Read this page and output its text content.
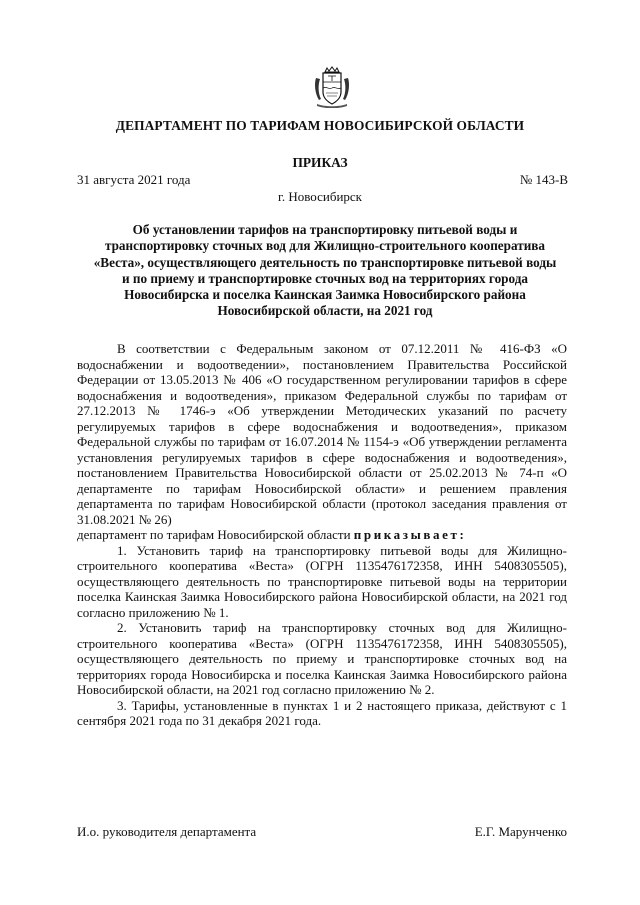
ДЕПАРТАМЕНТ ПО ТАРИФАМ НОВОСИБИРСКОЙ ОБЛАСТИ
ПРИКАЗ
31 августа 2021 года	№ 143-В
г. Новосибирск
Об установлении тарифов на транспортировку питьевой воды и транспортировку сточных вод для Жилищно-строительного кооператива «Веста», осуществляющего деятельность по транспортировке питьевой воды и по приему и транспортировке сточных вод на территориях города Новосибирска и поселка Каинская Заимка Новосибирского района Новосибирской области, на 2021 год

В соответствии с Федеральным законом от 07.12.2011 № 416-ФЗ «О водоснабжении и водоотведении», постановлением Правительства Российской Федерации от 13.05.2013 № 406 «О государственном регулировании тарифов в сфере водоснабжения и водоотведения», приказом Федеральной службы по тарифам от 27.12.2013 № 1746-э «Об утверждении Методических указаний по расчету регулируемых тарифов в сфере водоснабжения и водоотведения», приказом Федеральной службы по тарифам от 16.07.2014 № 1154-э «Об утверждении регламента установления регулируемых тарифов в сфере водоснабжения и водоотведения», постановлением Правительства Новосибирской области от 25.02.2013 № 74-п «О департаменте по тарифам Новосибирской области» и решением правления департамента по тарифам Новосибирской области (протокол заседания правления от 31.08.2021 № 26)

департамент по тарифам Новосибирской области приказывает:

1. Установить тариф на транспортировку питьевой воды для Жилищно-строительного кооператива «Веста» (ОГРН 1135476172358, ИНН 5408305505), осуществляющего деятельность по транспортировке питьевой воды на территории поселка Каинская Заимка Новосибирского района Новосибирской области, на 2021 год согласно приложению № 1.

2. Установить тариф на транспортировку сточных вод для Жилищно-строительного кооператива «Веста» (ОГРН 1135476172358, ИНН 5408305505), осуществляющего деятельность по приему и транспортировке сточных вод на территориях города Новосибирска и поселка Каинская Заимка Новосибирского района Новосибирской области, на 2021 год согласно приложению № 2.

3. Тарифы, установленные в пунктах 1 и 2 настоящего приказа, действуют с 1 сентября 2021 года по 31 декабря 2021 года.

И.о. руководителя департамента	Е.Г. Марунченко
